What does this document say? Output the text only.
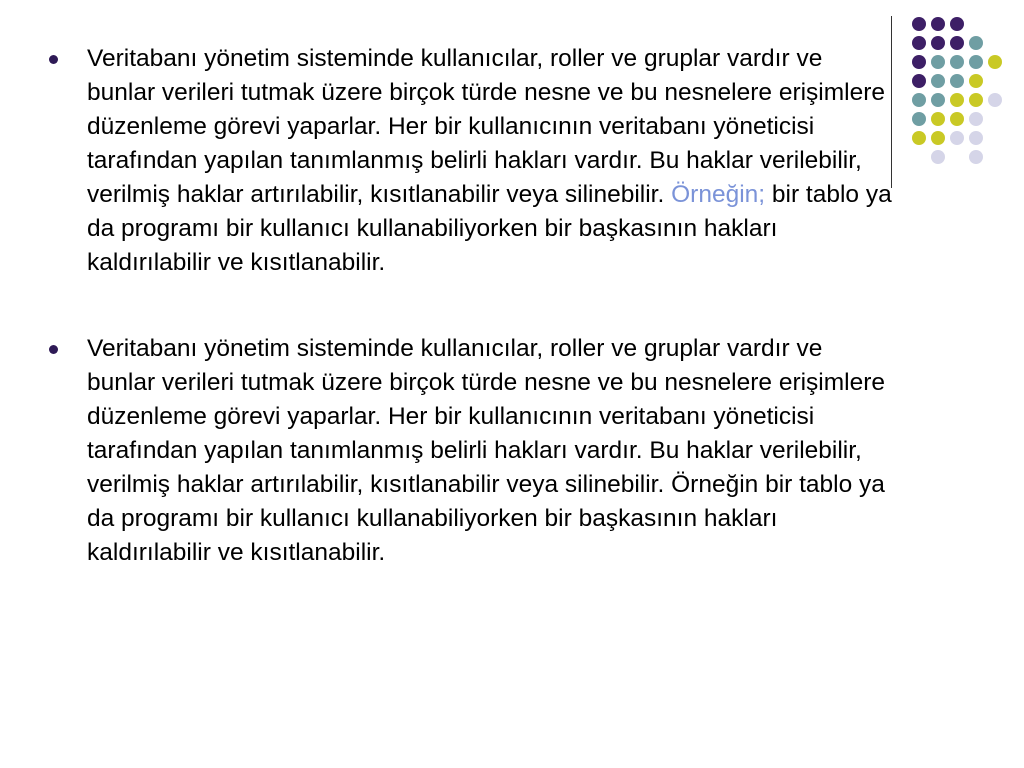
Veritabanı yönetim sisteminde kullanıcılar, roller ve gruplar vardır ve bunlar verileri tutmak üzere birçok türde nesne ve bu nesnelere erişimlere düzenleme görevi yaparlar. Her bir kullanıcının veritabanı yöneticisi tarafından yapılan tanımlanmış belirli hakları vardır. Bu haklar verilebilir, verilmiş haklar artırılabilir, kısıtlanabilir veya silinebilir. Örneğin; bir tablo ya da programı bir kullanıcı kullanabiliyorken bir başkasının hakları kaldırılabilir ve kısıtlanabilir.
Veritabanı yönetim sisteminde kullanıcılar, roller ve gruplar vardır ve bunlar verileri tutmak üzere birçok türde nesne ve bu nesnelere erişimlere düzenleme görevi yaparlar. Her bir kullanıcının veritabanı yöneticisi tarafından yapılan tanımlanmış belirli hakları vardır. Bu haklar verilebilir, verilmiş haklar artırılabilir, kısıtlanabilir veya silinebilir. Örneğin bir tablo ya da programı bir kullanıcı kullanabiliyorken bir başkasının hakları kaldırılabilir ve kısıtlanabilir.
